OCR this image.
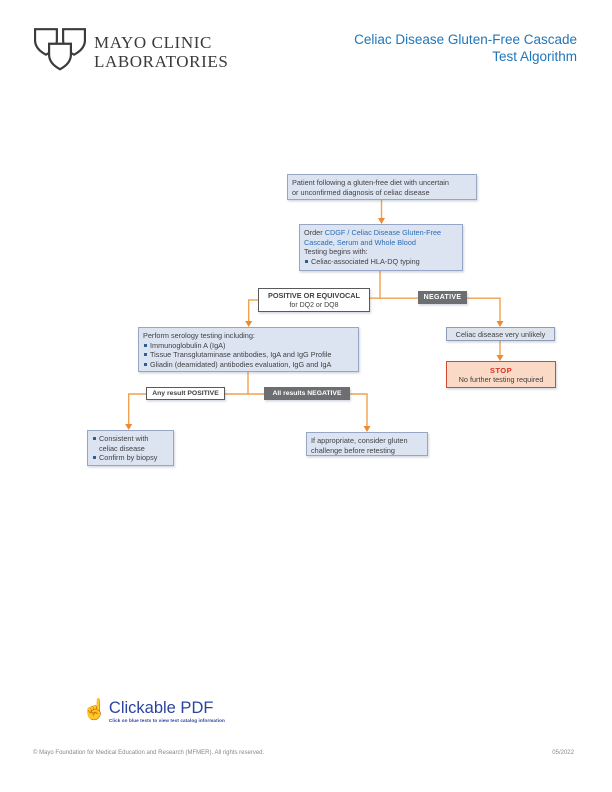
MAYO CLINIC
LABORATORIES
Celiac Disease Gluten-Free Cascade
Test Algorithm
Patient following a gluten-free diet with uncertain
or unconfirmed diagnosis of celiac disease
Order CDGF / Celiac Disease Gluten-Free Cascade, Serum and Whole Blood
Testing begins with:
Celiac-associated HLA-DQ typing
POSITIVE OR EQUIVOCAL
for DQ2 or DQ8
NEGATIVE
Perform serology testing including:
Immunoglobulin A (IgA)
Tissue Transglutaminase antibodies, IgA and IgG Profile
Gliadin (deamidated) antibodies evaluation, IgG and IgA
Any result POSITIVE	All results NEGATIVE
Consistent with celiac disease
Confirm by biopsy
If appropriate, consider gluten
challenge before retesting
Celiac disease very unlikely
STOP
No further testing required
☝ Clickable PDF
Click on blue tests to view test catalog information
© Mayo Foundation for Medical Education and Research (MFMER). All rights reserved.	05/2022
